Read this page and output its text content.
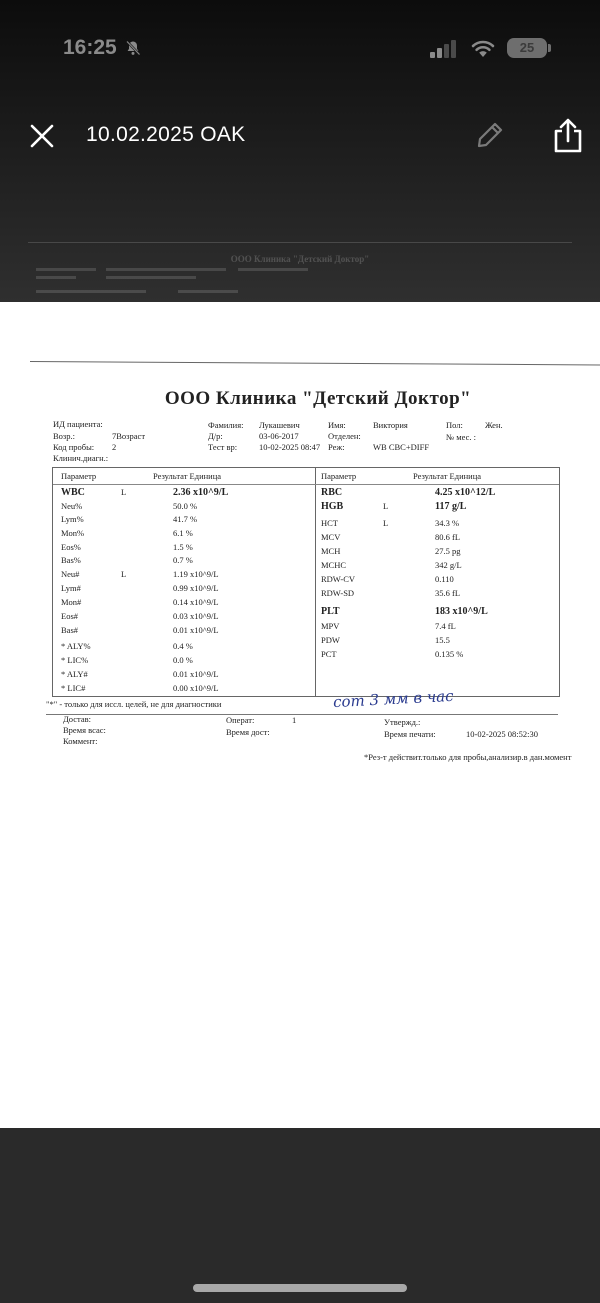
ООО Клиника "Детский Доктор"
16:25	25
10.02.2025 OAK
ООО Клиника "Детский Доктор"
ИД пациента:
Возр.:	7Возраст
Код пробы: 2
Клинич.диагн.:
Фамилия: Лукашевич
Д/р:	03-06-2017
Тест вр:	10-02-2025 08:47
Имя:	Виктория
Отделен:
Реж:	WB CBC+DIFF
Пол:	Жен.
№ мес. :
Параметр	Результат Единица	Параметр	Результат Единица
WBC	L	2.36 x10^9/L
Neu%	50.0 %
Lym%	41.7 %
Mon%	6.1 %
Eos%	1.5 %
Bas%	0.7 %
Neu#	L	1.19 x10^9/L
Lym#	0.99 x10^9/L
Mon#	0.14 x10^9/L
Eos#	0.03 x10^9/L
Bas#	0.01 x10^9/L
* ALY%	0.4 %
* LIC%	0.0 %
* ALY#	0.01 x10^9/L
* LIC#	0.00 x10^9/L
RBC	4.25 x10^12/L
HGB	L	117 g/L
HCT	L	34.3 %
MCV	80.6 fL
MCH	27.5 pg
MCHC	342 g/L
RDW-CV	0.110
RDW-SD	35.6 fL
PLT	183 x10^9/L
MPV	7.4 fL
PDW	15.5
PCT	0.135 %
"*" - только для иссл. целей, не для диагностики	сот 3 мм в час
Достав:
Время всас:
Коммент:
Операт:	1
Время дост:
Утвержд.:
Время печати:	10-02-2025 08:52:30
*Рез-т действит.только для пробы,анализир.в дан.момент
